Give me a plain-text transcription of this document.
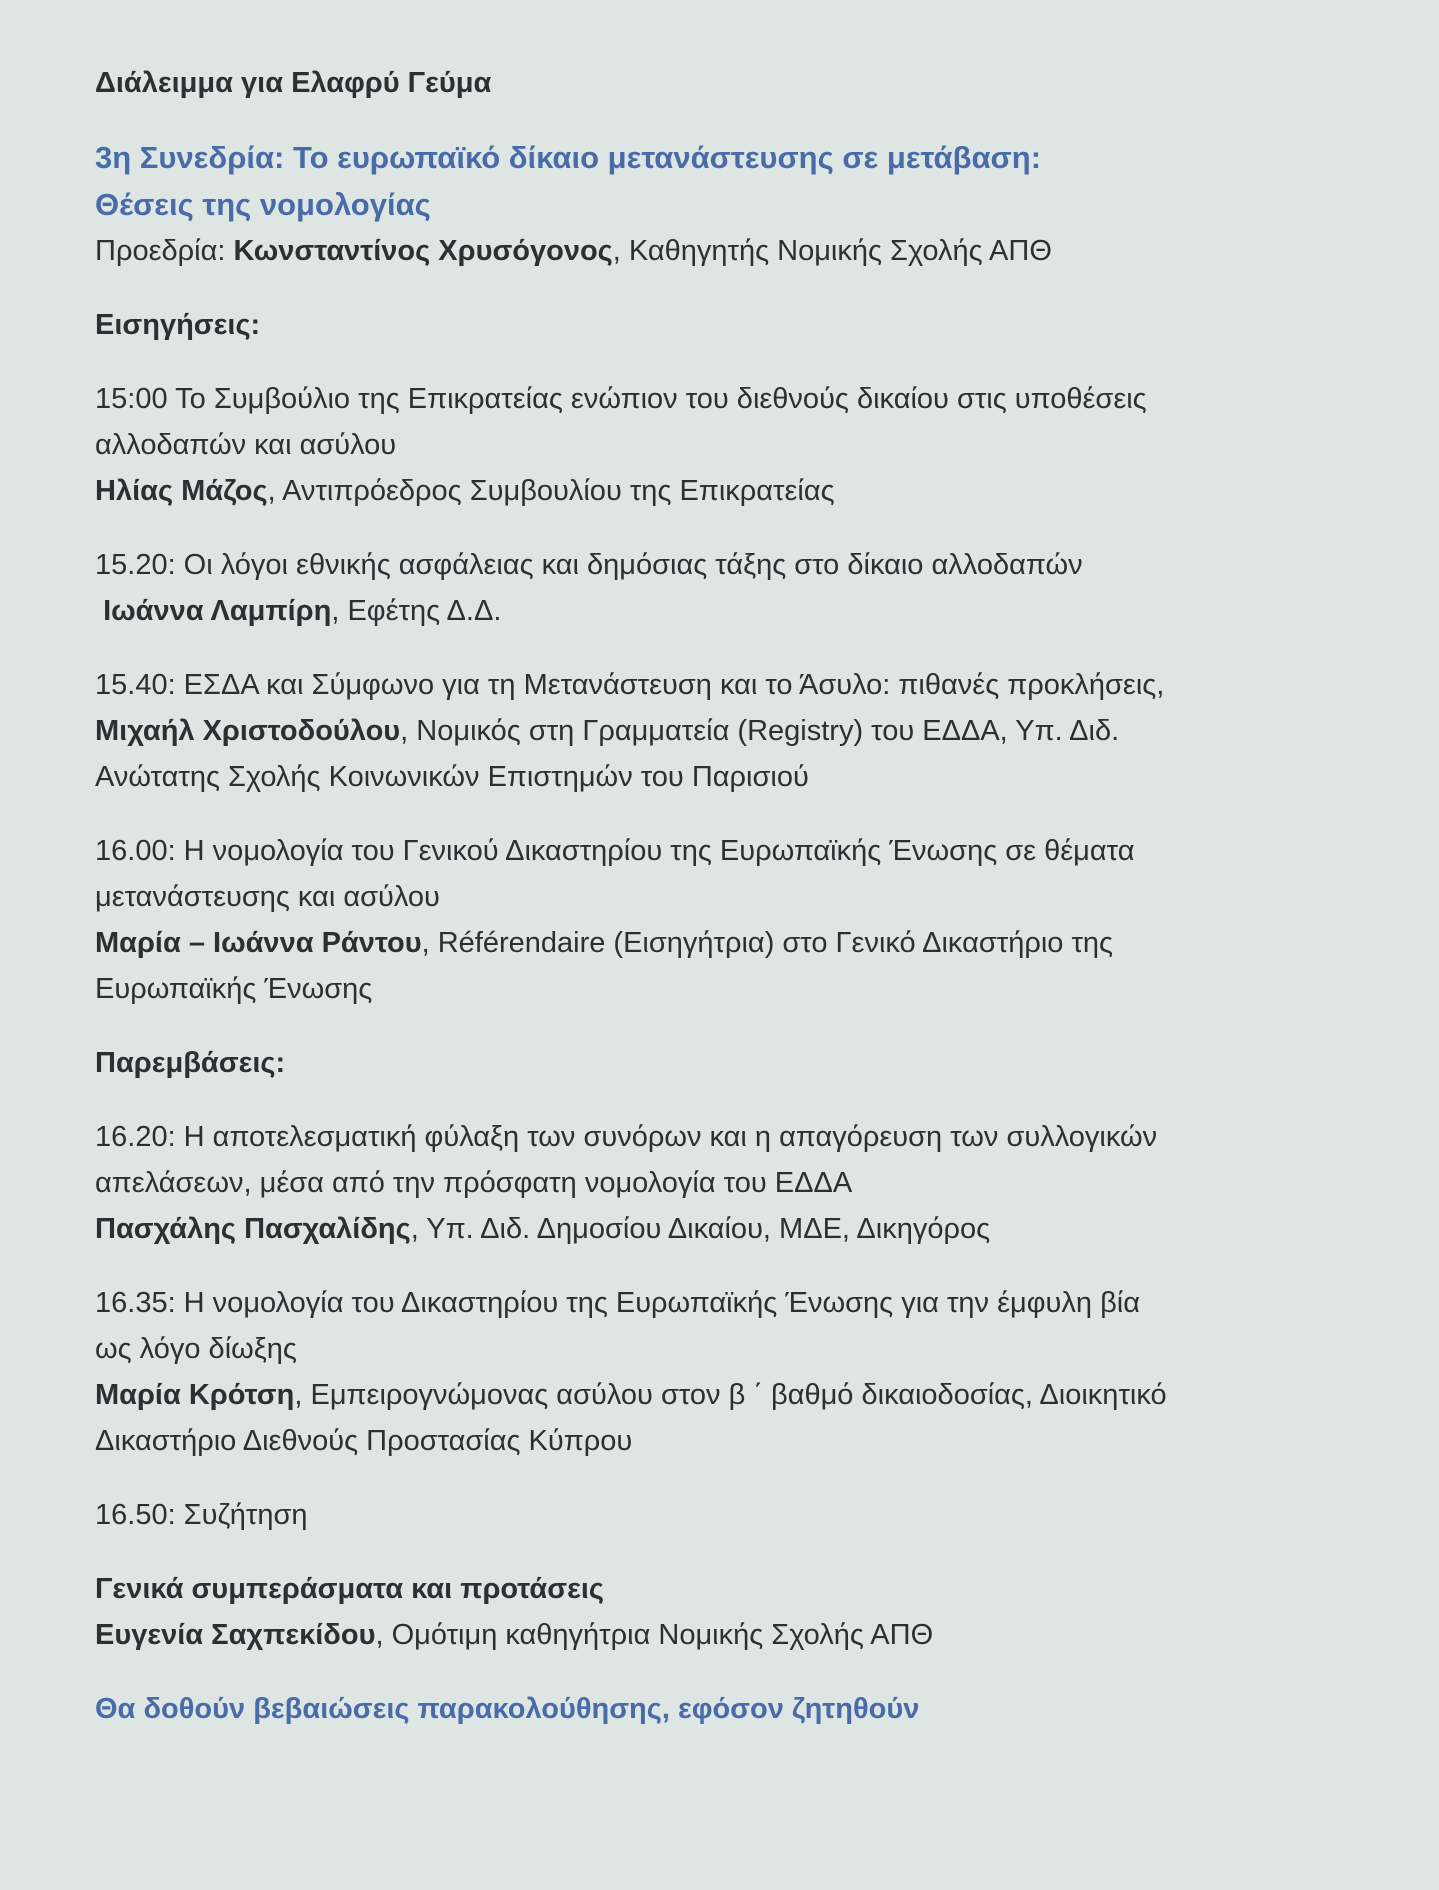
Διάλειμμα για Ελαφρύ Γεύμα

3η Συνεδρία: Το ευρωπαϊκό δίκαιο μετανάστευσης σε μετάβαση:
Θέσεις της νομολογίας

Προεδρία: Κωνσταντίνος Χρυσόγονος, Καθηγητής Νομικής Σχολής ΑΠΘ

Εισηγήσεις:

15:00 Το Συμβούλιο της Επικρατείας ενώπιον του διεθνούς δικαίου στις υποθέσεις αλλοδαπών και ασύλου

Ηλίας Μάζος, Αντιπρόεδρος Συμβουλίου της Επικρατείας

15.20: Οι λόγοι εθνικής ασφάλειας και δημόσιας τάξης στο δίκαιο αλλοδαπών

Ιωάννα Λαμπίρη, Εφέτης Δ.Δ.

15.40: ΕΣΔΑ και Σύμφωνο για τη Μετανάστευση και το Άσυλο: πιθανές προκλήσεις,

Μιχαήλ Χριστοδούλου, Νομικός στη Γραμματεία (Registry) του ΕΔΔΑ, Υπ. Διδ. Ανώτατης Σχολής Κοινωνικών Επιστημών του Παρισιού

16.00: Η νομολογία του Γενικού Δικαστηρίου της Ευρωπαϊκής Ένωσης σε θέματα μετανάστευσης και ασύλου

Μαρία – Ιωάννα Ράντου, Référendaire (Εισηγήτρια) στο Γενικό Δικαστήριο της Ευρωπαϊκής Ένωσης

Παρεμβάσεις:

16.20: Η αποτελεσματική φύλαξη των συνόρων και η απαγόρευση των συλλογικών απελάσεων, μέσα από την πρόσφατη νομολογία του ΕΔΔΑ

Πασχάλης Πασχαλίδης, Υπ. Διδ. Δημοσίου Δικαίου, ΜΔΕ, Δικηγόρος

16.35: Η νομολογία του Δικαστηρίου της Ευρωπαϊκής Ένωσης για την έμφυλη βία ως λόγο δίωξης

Μαρία Κρότση, Εμπειρογνώμονας ασύλου στον β ΄ βαθμό δικαιοδοσίας, Διοικητικό Δικαστήριο Διεθνούς Προστασίας Κύπρου

16.50: Συζήτηση

Γενικά συμπεράσματα και προτάσεις

Ευγενία Σαχπεκίδου, Ομότιμη καθηγήτρια Νομικής Σχολής ΑΠΘ

Θα δοθούν βεβαιώσεις παρακολούθησης, εφόσον ζητηθούν
